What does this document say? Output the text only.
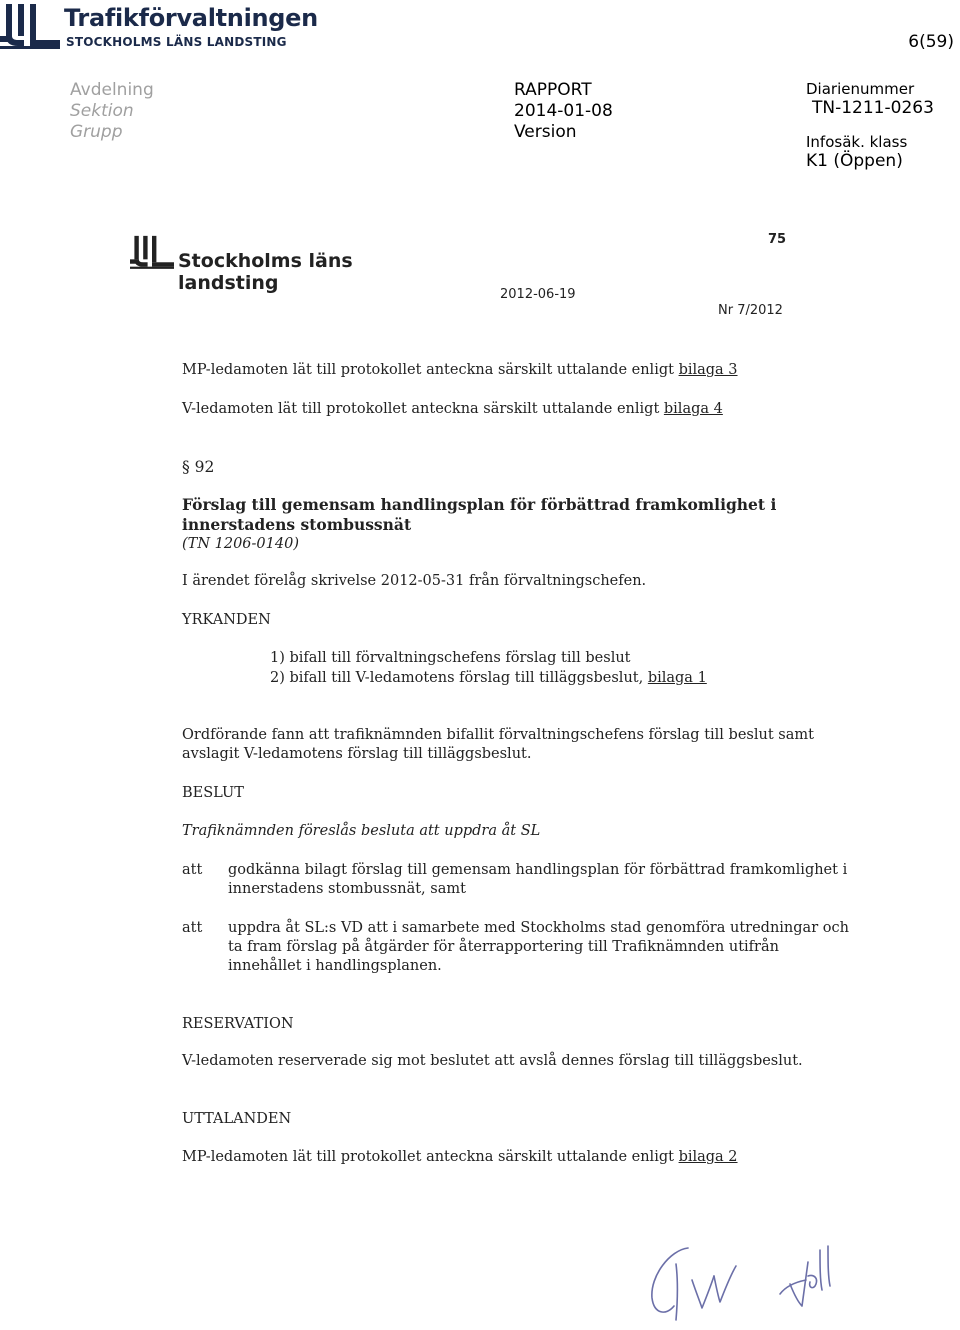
Trafikförvaltningen
STOCKHOLMS LÄNS LANDSTING	6(59)
Avdelning
Sektion
Grupp
RAPPORT
2014-01-08
Version
Diarienummer
TN-1211-0263
Infosäk. klass
K1 (Öppen)
Stockholms läns landsting
75
2012-06-19
Nr 7/2012
MP-ledamoten lät till protokollet anteckna särskilt uttalande enligt bilaga 3
V-ledamoten lät till protokollet anteckna särskilt uttalande enligt bilaga 4
§ 92
Förslag till gemensam handlingsplan för förbättrad framkomlighet i
innerstadens stombussnät
(TN 1206-0140)
I ärendet förelåg skrivelse 2012-05-31 från förvaltningschefen.
YRKANDEN
1) bifall till förvaltningschefens förslag till beslut
2) bifall till V-ledamotens förslag till tilläggsbeslut, bilaga 1
Ordförande fann att trafiknämnden bifallit förvaltningschefens förslag till beslut samt
avslagit V-ledamotens förslag till tilläggsbeslut.
BESLUT
Trafiknämnden föreslås besluta att uppdra åt SL
att godkänna bilagt förslag till gemensam handlingsplan för förbättrad framkomlighet i
innerstadens stombussnät, samt
att uppdra åt SL:s VD att i samarbete med Stockholms stad genomföra utredningar och
ta fram förslag på åtgärder för återrapportering till Trafiknämnden utifrån
innehållet i handlingsplanen.
RESERVATION
V-ledamoten reserverade sig mot beslutet att avslå dennes förslag till tilläggsbeslut.
UTTALANDEN
MP-ledamoten lät till protokollet anteckna särskilt uttalande enligt bilaga 2
